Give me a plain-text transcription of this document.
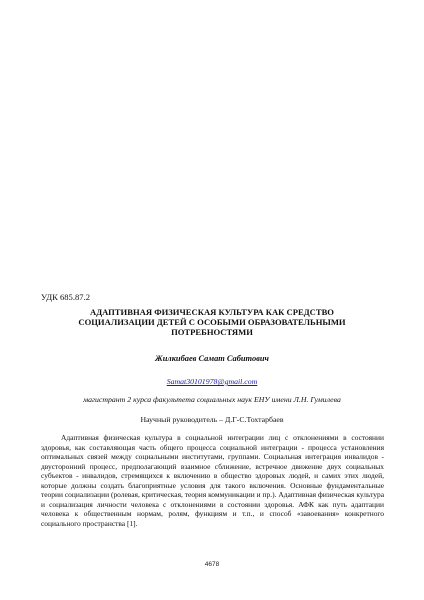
УДК 685.87.2
АДАПТИВНАЯ ФИЗИЧЕСКАЯ КУЛЬТУРА КАК СРЕДСТВО
СОЦИАЛИЗАЦИИ ДЕТЕЙ С ОСОБЫМИ ОБРАЗОВАТЕЛЬНЫМИ
ПОТРЕБНОСТЯМИ
Жилкибаев Самат Сабитович
Samat30101978@gmail.com
магистрант 2 курса факультета социальных наук ЕНУ имени Л.Н. Гумилева
Научный руководитель – Д.Г-С.Тохтарбаев

Адаптивная физическая культура в социальной интеграции лиц с отклонениями в состоянии здоровья, как составляющая часть общего процесса социальной интеграции - процесса установления оптимальных связей между социальными институтами, группами. Социальная интеграция инвалидов - двусторонний процесс, предполагающий взаимное сближение, встречное движение двух социальных субъектов - инвалидов, стремящихся к включению в общество здоровых людей, и самих этих людей, которые должны создать благоприятные условия для такого включения. Основные фундаментальные теории социализации (ролевая, критическая, теория коммуникации и пр.). Адаптивная физическая культура и социализация личности человека с отклонениями в состоянии здоровья. АФК как путь адаптации человека к общественным нормам, ролям, функциям и т.п., и способ «завоевания» конкретного социального пространства [1].

4678
